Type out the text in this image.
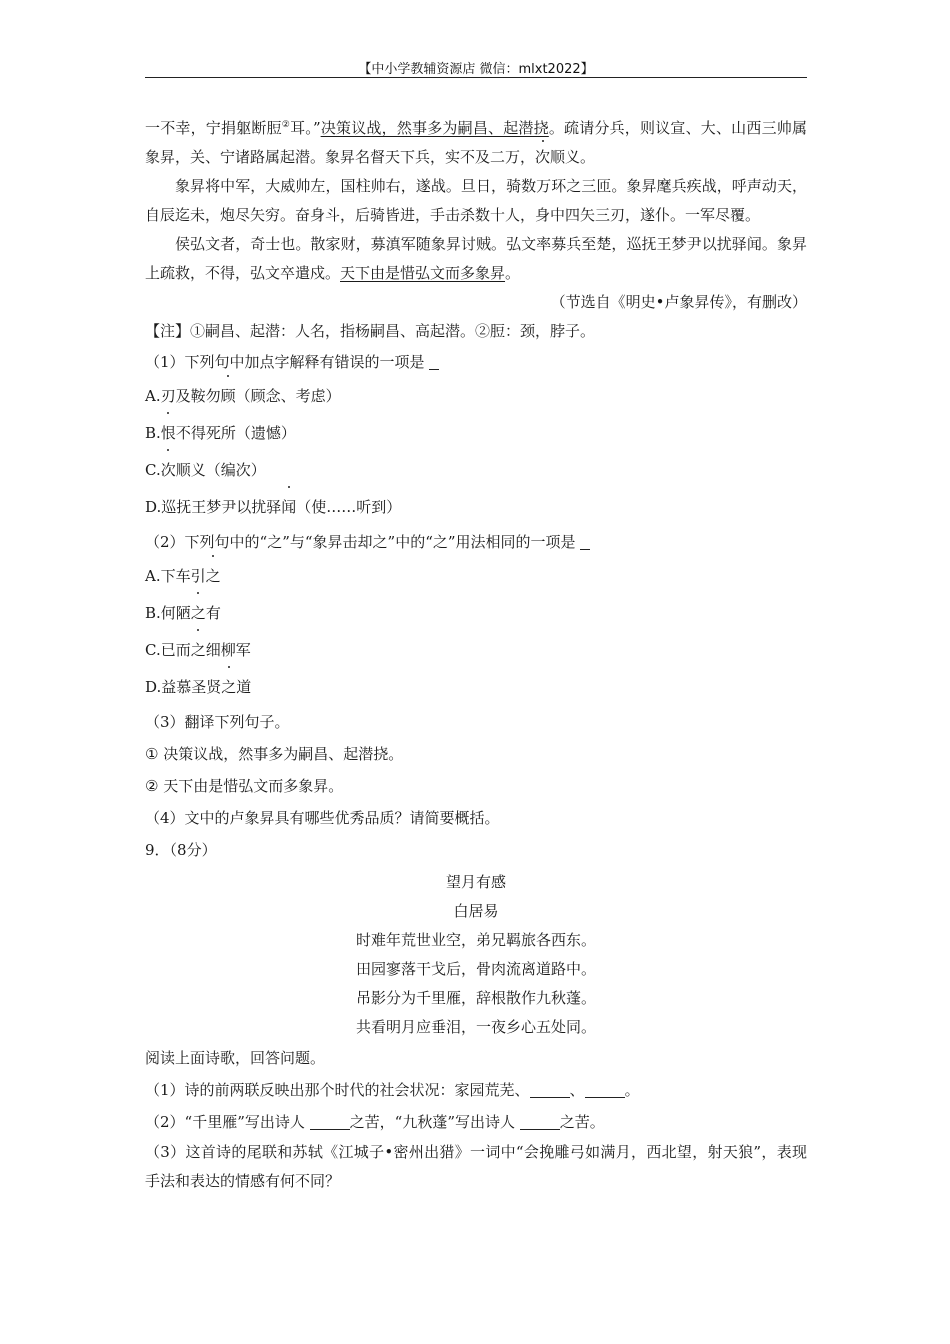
【中小学教辅资源店 微信：mlxt2022】

一不幸，宁捐躯断脰②耳。”决策议战，然事多为嗣昌、起潜挠。疏请分兵，则议宣、大、山西三帅属象昇，关、宁诸路属起潜。象昇名督天下兵，实不及二万，次顺义。

象昇将中军，大威帅左，国柱帅右，遂战。旦日，骑数万环之三匝。象昇麾兵疾战，呼声动天，自辰迄未，炮尽矢穷。奋身斗，后骑皆进，手击杀数十人，身中四矢三刃，遂仆。一军尽覆。

侯弘文者，奇士也。散家财，募滇军随象昇讨贼。弘文率募兵至楚，巡抚王梦尹以扰驿闻。象昇上疏救，不得，弘文卒遣戍。天下由是惜弘文而多象昇。

（节选自《明史•卢象昇传》，有删改）
【注】①嗣昌、起潜：人名，指杨嗣昌、高起潜。②脰：颈，脖子。
（1）下列句中加点字解释有错误的一项是
A.刃及鞍勿顾（顾念、考虑）
B.恨不得死所（遗憾）
C.次顺义（编次）
D.巡抚王梦尹以扰驿闻（使……听到）
（2）下列句中的“之”与“象昇击却之”中的“之”用法相同的一项是
A.下车引之
B.何陋之有
C.已而之细柳军
D.益慕圣贤之道
（3）翻译下列句子。
① 决策议战，然事多为嗣昌、起潜挠。
② 天下由是惜弘文而多象昇。
（4）文中的卢象昇具有哪些优秀品质？请简要概括。
9．（8分）
望月有感
白居易
时难年荒世业空，弟兄羁旅各西东。
田园寥落干戈后，骨肉流离道路中。
吊影分为千里雁，辞根散作九秋蓬。
共看明月应垂泪，一夜乡心五处同。
阅读上面诗歌，回答问题。
（1）诗的前两联反映出那个时代的社会状况：家园荒芜、	、	。
（2）“千里雁”写出诗人	之苦，“九秋蓬”写出诗人	之苦。

（3）这首诗的尾联和苏轼《江城子•密州出猎》一词中“会挽雕弓如满月，西北望，射天狼”，表现手法和表达的情感有何不同？
